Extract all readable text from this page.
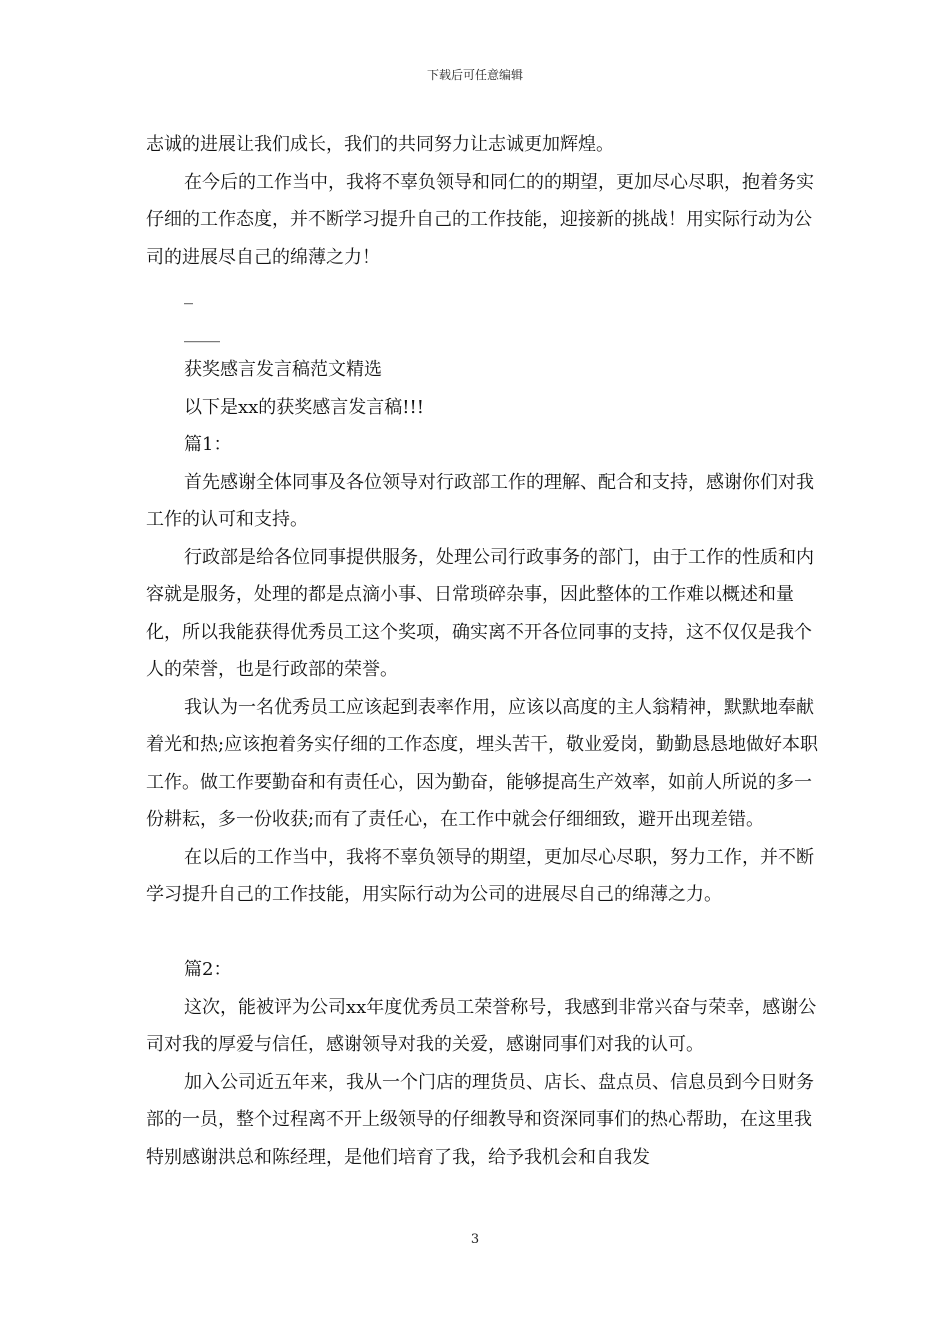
下载后可任意编辑

志诚的进展让我们成长，我们的共同努力让志诚更加辉煌。

在今后的工作当中，我将不辜负领导和同仁的的期望，更加尽心尽职，抱着务实仔细的工作态度，并不断学习提升自己的工作技能，迎接新的挑战！用实际行动为公司的进展尽自己的绵薄之力！

_

____

获奖感言发言稿范文精选

以下是xx的获奖感言发言稿!!!

篇1：

首先感谢全体同事及各位领导对行政部工作的理解、配合和支持，感谢你们对我工作的认可和支持。

行政部是给各位同事提供服务，处理公司行政事务的部门，由于工作的性质和内容就是服务，处理的都是点滴小事、日常琐碎杂事，因此整体的工作难以概述和量化，所以我能获得优秀员工这个奖项，确实离不开各位同事的支持，这不仅仅是我个人的荣誉，也是行政部的荣誉。

我认为一名优秀员工应该起到表率作用，应该以高度的主人翁精神，默默地奉献着光和热;应该抱着务实仔细的工作态度，埋头苦干，敬业爱岗，勤勤恳恳地做好本职工作。做工作要勤奋和有责任心，因为勤奋，能够提高生产效率，如前人所说的多一份耕耘，多一份收获;而有了责任心，在工作中就会仔细细致，避开出现差错。

在以后的工作当中，我将不辜负领导的期望，更加尽心尽职，努力工作，并不断学习提升自己的工作技能，用实际行动为公司的进展尽自己的绵薄之力。

篇2：

这次，能被评为公司xx年度优秀员工荣誉称号，我感到非常兴奋与荣幸，感谢公司对我的厚爱与信任，感谢领导对我的关爱，感谢同事们对我的认可。

加入公司近五年来，我从一个门店的理货员、店长、盘点员、信息员到今日财务部的一员，整个过程离不开上级领导的仔细教导和资深同事们的热心帮助，在这里我特别感谢洪总和陈经理，是他们培育了我，给予我机会和自我发

3
